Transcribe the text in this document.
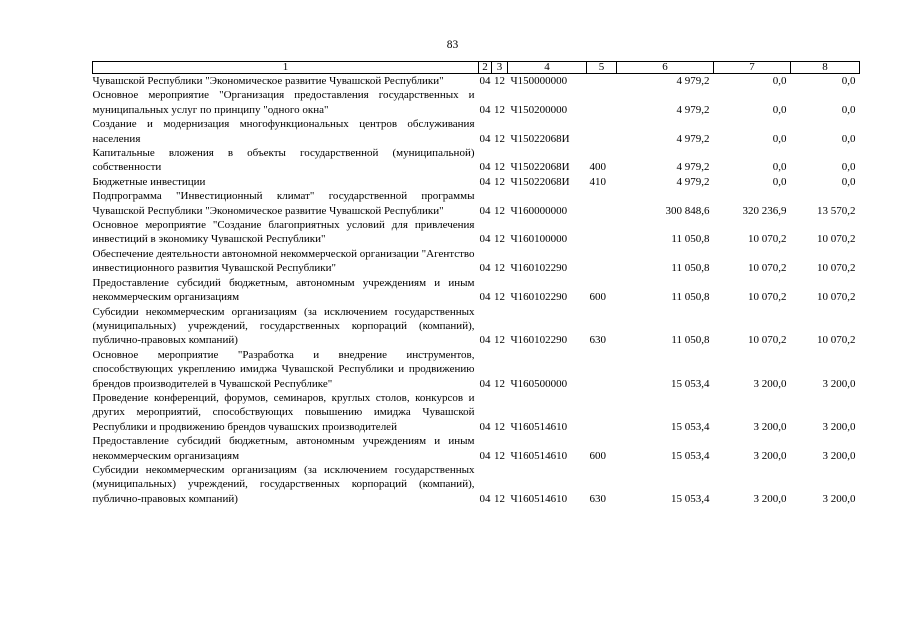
83
1	2	3	4	5	6	7	8
Чувашской Республики "Экономическое развитие Чувашской Республики"	04	12	Ч150000000		4 979,2	0,0	0,0
Основное мероприятие "Организация предоставления государственных и муниципальных услуг по принципу "одного окна"	04	12	Ч150200000		4 979,2	0,0	0,0
Создание и модернизация многофункциональных центров обслуживания населения	04	12	Ч15022068И		4 979,2	0,0	0,0
Капитальные вложения в объекты государственной (муниципальной) собственности	04	12	Ч15022068И	400	4 979,2	0,0	0,0
Бюджетные инвестиции	04	12	Ч15022068И	410	4 979,2	0,0	0,0
Подпрограмма "Инвестиционный климат" государственной программы Чувашской Республики "Экономическое развитие Чувашской Республики"	04	12	Ч160000000		300 848,6	320 236,9	13 570,2
Основное мероприятие "Создание благоприятных условий для привлечения инвестиций в экономику Чувашской Республики"	04	12	Ч160100000		11 050,8	10 070,2	10 070,2
Обеспечение деятельности автономной некоммерческой организации "Агентство инвестиционного развития Чувашской Республики"	04	12	Ч160102290		11 050,8	10 070,2	10 070,2
Предоставление субсидий бюджетным, автономным учреждениям и иным некоммерческим организациям	04	12	Ч160102290	600	11 050,8	10 070,2	10 070,2
Субсидии некоммерческим организациям (за исключением государственных (муниципальных) учреждений, государственных корпораций (компаний), публично-правовых компаний)	04	12	Ч160102290	630	11 050,8	10 070,2	10 070,2
Основное мероприятие "Разработка и внедрение инструментов, способствующих укреплению имиджа Чувашской Республики и продвижению брендов производителей в Чувашской Республике"	04	12	Ч160500000		15 053,4	3 200,0	3 200,0
Проведение конференций, форумов, семинаров, круглых столов, конкурсов и других мероприятий, способствующих повышению имиджа Чувашской Республики и продвижению брендов чувашских производителей	04	12	Ч160514610		15 053,4	3 200,0	3 200,0
Предоставление субсидий бюджетным, автономным учреждениям и иным некоммерческим организациям	04	12	Ч160514610	600	15 053,4	3 200,0	3 200,0
Субсидии некоммерческим организациям (за исключением государственных (муниципальных) учреждений, государственных корпораций (компаний), публично-правовых компаний)	04	12	Ч160514610	630	15 053,4	3 200,0	3 200,0
